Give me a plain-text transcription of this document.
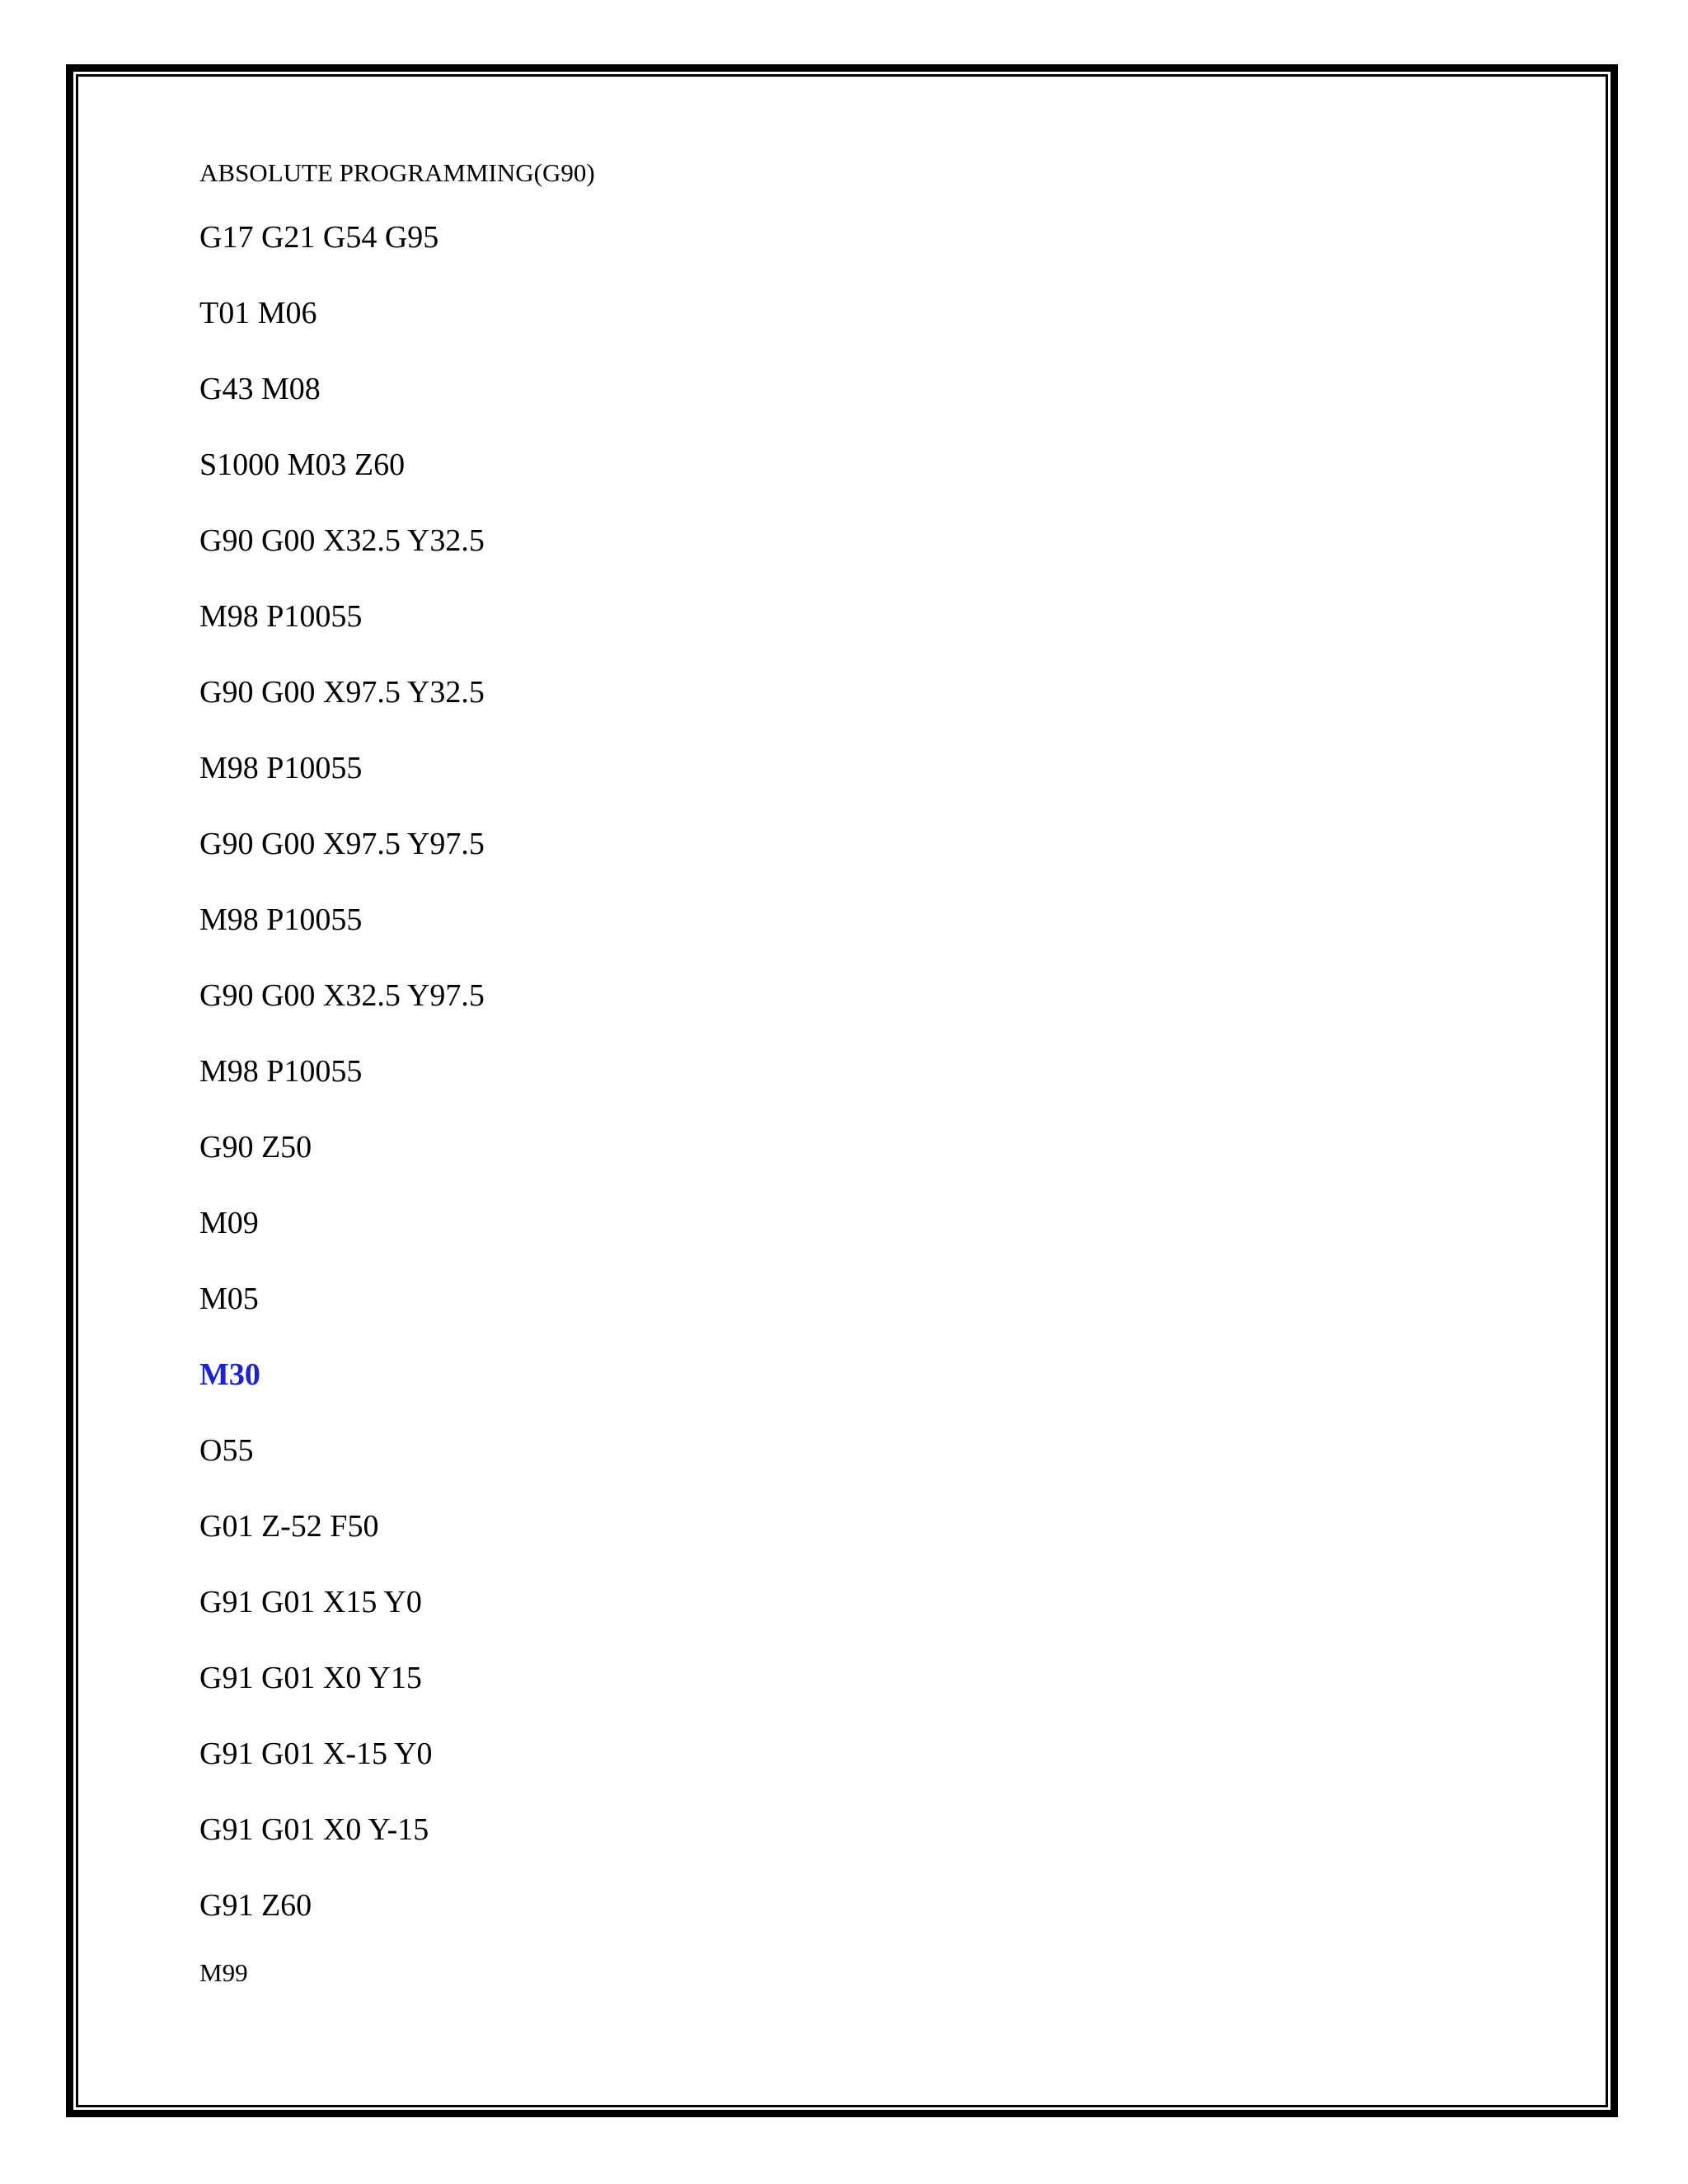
ABSOLUTE PROGRAMMING(G90)

G17 G21 G54 G95
T01 M06
G43 M08
S1000 M03 Z60
G90 G00 X32.5 Y32.5
M98 P10055
G90 G00 X97.5 Y32.5
M98 P10055
G90 G00 X97.5 Y97.5
M98 P10055
G90 G00 X32.5 Y97.5
M98 P10055
G90 Z50
M09
M05
M30
O55
G01 Z-52 F50
G91 G01 X15 Y0
G91 G01 X0 Y15
G91 G01 X-15 Y0
G91 G01 X0 Y-15
G91 Z60

M99
